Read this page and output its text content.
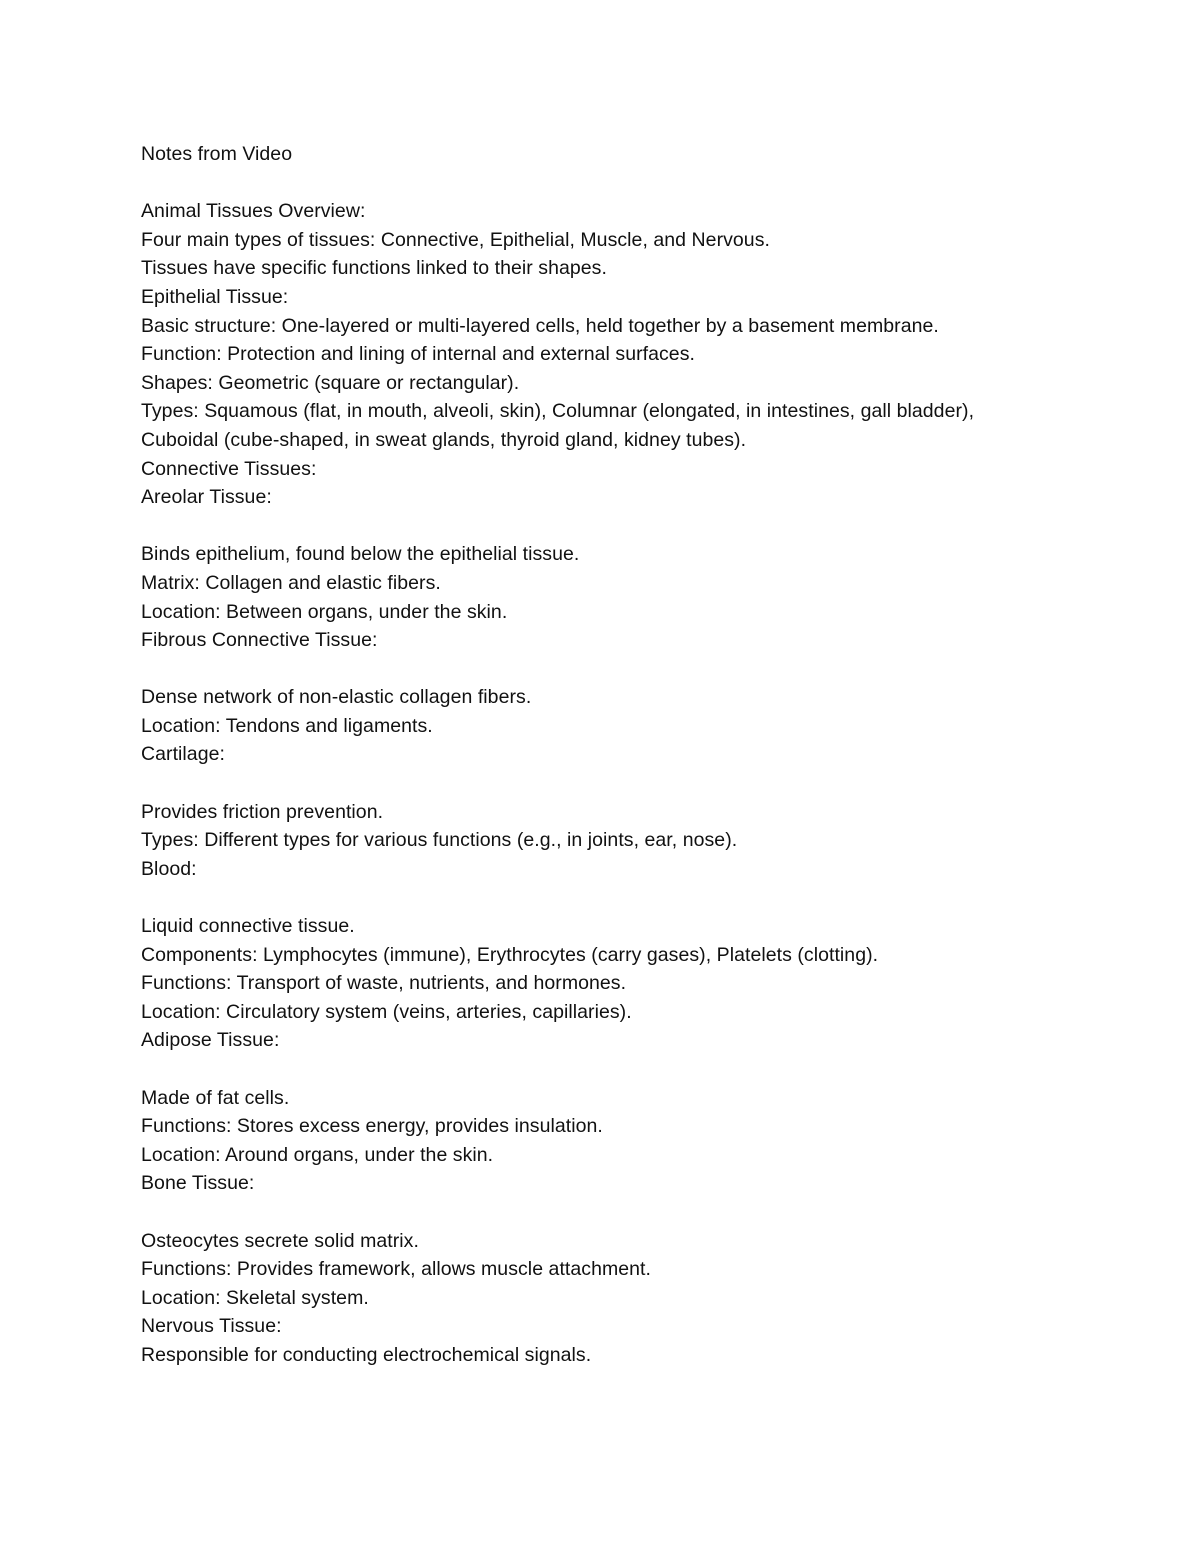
Notes from Video
Animal Tissues Overview:
Four main types of tissues: Connective, Epithelial, Muscle, and Nervous.
Tissues have specific functions linked to their shapes.
Epithelial Tissue:
Basic structure: One-layered or multi-layered cells, held together by a basement membrane.
Function: Protection and lining of internal and external surfaces.
Shapes: Geometric (square or rectangular).
Types: Squamous (flat, in mouth, alveoli, skin), Columnar (elongated, in intestines, gall bladder),
Cuboidal (cube-shaped, in sweat glands, thyroid gland, kidney tubes).
Connective Tissues:
Areolar Tissue:
Binds epithelium, found below the epithelial tissue.
Matrix: Collagen and elastic fibers.
Location: Between organs, under the skin.
Fibrous Connective Tissue:
Dense network of non-elastic collagen fibers.
Location: Tendons and ligaments.
Cartilage:
Provides friction prevention.
Types: Different types for various functions (e.g., in joints, ear, nose).
Blood:
Liquid connective tissue.
Components: Lymphocytes (immune), Erythrocytes (carry gases), Platelets (clotting).
Functions: Transport of waste, nutrients, and hormones.
Location: Circulatory system (veins, arteries, capillaries).
Adipose Tissue:
Made of fat cells.
Functions: Stores excess energy, provides insulation.
Location: Around organs, under the skin.
Bone Tissue:
Osteocytes secrete solid matrix.
Functions: Provides framework, allows muscle attachment.
Location: Skeletal system.
Nervous Tissue:
Responsible for conducting electrochemical signals.
